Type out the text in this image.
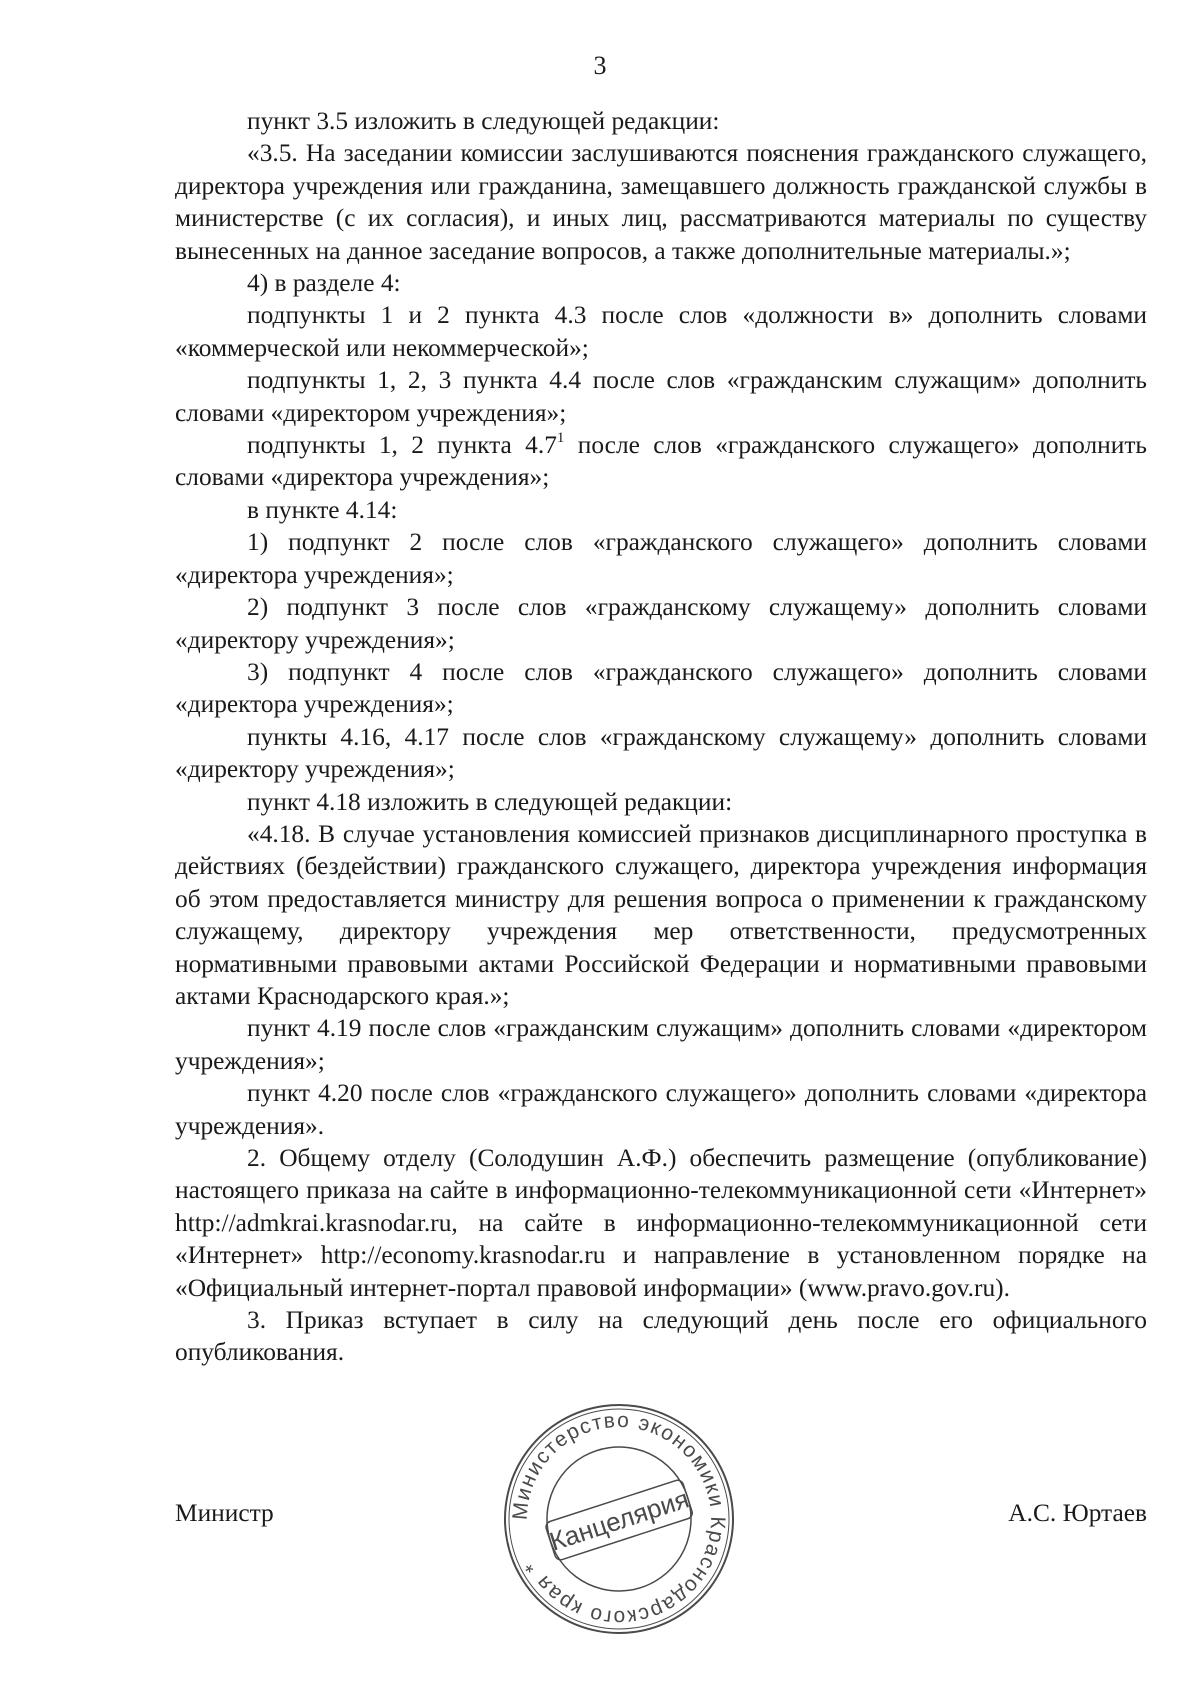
3

пункт 3.5 изложить в следующей редакции:

«3.5. На заседании комиссии заслушиваются пояснения гражданского служащего, директора учреждения или гражданина, замещавшего должность гражданской службы в министерстве (с их согласия), и иных лиц, рассматриваются материалы по существу вынесенных на данное заседание вопросов, а также дополнительные материалы.»;

4) в разделе 4:

подпункты 1 и 2 пункта 4.3 после слов «должности в» дополнить словами «коммерческой или некоммерческой»;

подпункты 1, 2, 3 пункта 4.4 после слов «гражданским служащим» дополнить словами «директором учреждения»;

подпункты 1, 2 пункта $4.7^1$ после слов «гражданского служащего» дополнить словами «директора учреждения»;

в пункте 4.14:

1) подпункт 2 после слов «гражданского служащего» дополнить словами «директора учреждения»;

2) подпункт 3 после слов «гражданскому служащему» дополнить словами «директору учреждения»;

3) подпункт 4 после слов «гражданского служащего» дополнить словами «директора учреждения»;

пункты 4.16, 4.17 после слов «гражданскому служащему» дополнить словами «директору учреждения»;

пункт 4.18 изложить в следующей редакции:

«4.18. В случае установления комиссией признаков дисциплинарного проступка в действиях (бездействии) гражданского служащего, директора учреждения информация об этом предоставляется министру для решения вопроса о применении к гражданскому служащему, директору учреждения мер ответственности, предусмотренных нормативными правовыми актами Российской Федерации и нормативными правовыми актами Краснодарского края.»;

пункт 4.19 после слов «гражданским служащим» дополнить словами «директором учреждения»;

пункт 4.20 после слов «гражданского служащего» дополнить словами «директора учреждения».

2. Общему отделу (Солодушин А.Ф.) обеспечить размещение (опубликование) настоящего приказа на сайте в информационно-телекоммуникационной сети «Интернет» http://admkrai.krasnodar.ru, на сайте в информационно-телекоммуникационной сети «Интернет» http://economy.krasnodar.ru и направление в установленном порядке на «Официальный интернет-портал правовой информации» (www.pravo.gov.ru).

3. Приказ вступает в силу на следующий день после его официального опубликования.

Министр	А.С. Юртаев
Министерство экономики Краснодарского края *
Канцелярия
